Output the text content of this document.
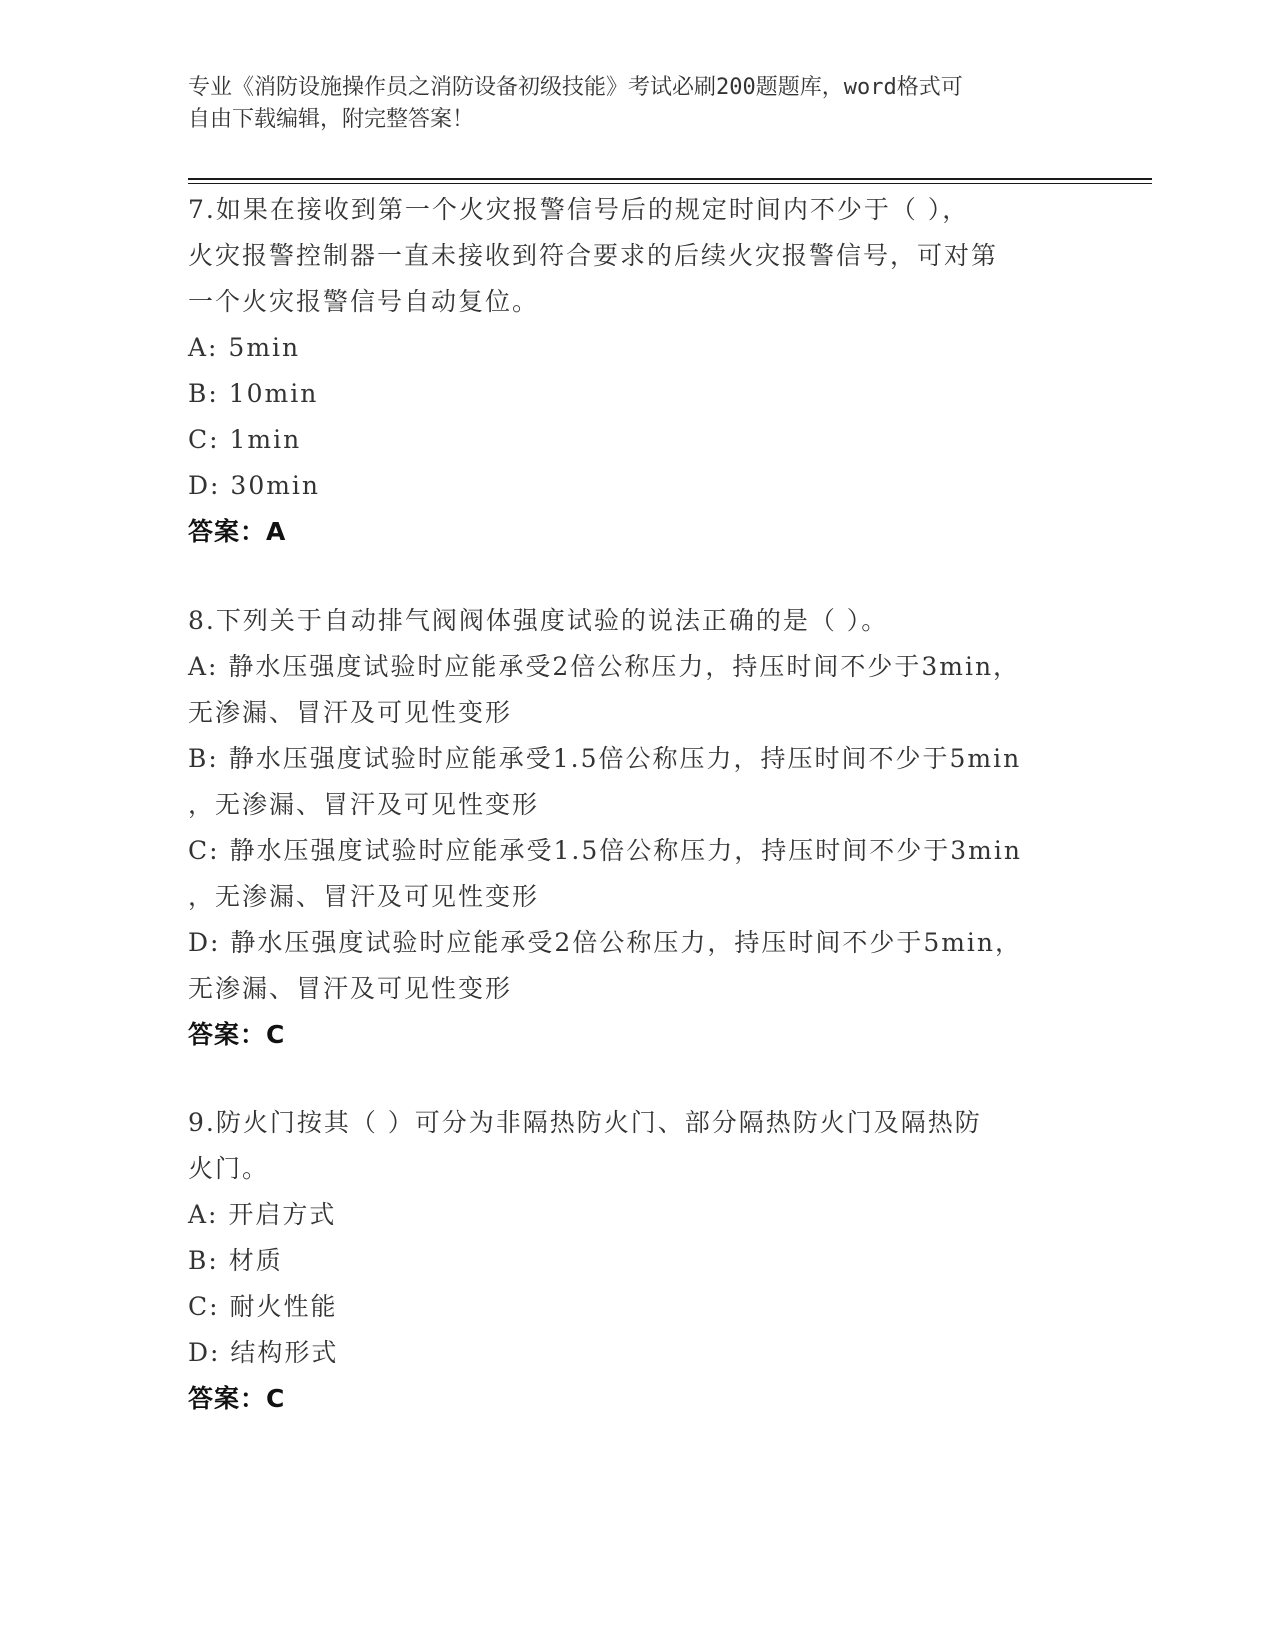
专业《消防设施操作员之消防设备初级技能》考试必刷200题题库，word格式可
自由下载编辑，附完整答案！
7.如果在接收到第一个火灾报警信号后的规定时间内不少于（ ），
火灾报警控制器一直未接收到符合要求的后续火灾报警信号，可对第
一个火灾报警信号自动复位。
A: 5min
B: 10min
C: 1min
D: 30min
答案：A
8.下列关于自动排气阀阀体强度试验的说法正确的是（ ）。
A: 静水压强度试验时应能承受2倍公称压力，持压时间不少于3min，
无渗漏、冒汗及可见性变形
B: 静水压强度试验时应能承受1.5倍公称压力，持压时间不少于5min
，无渗漏、冒汗及可见性变形
C: 静水压强度试验时应能承受1.5倍公称压力，持压时间不少于3min
，无渗漏、冒汗及可见性变形
D: 静水压强度试验时应能承受2倍公称压力，持压时间不少于5min，
无渗漏、冒汗及可见性变形
答案：C
9.防火门按其（ ）可分为非隔热防火门、部分隔热防火门及隔热防
火门。
A: 开启方式
B: 材质
C: 耐火性能
D: 结构形式
答案：C
